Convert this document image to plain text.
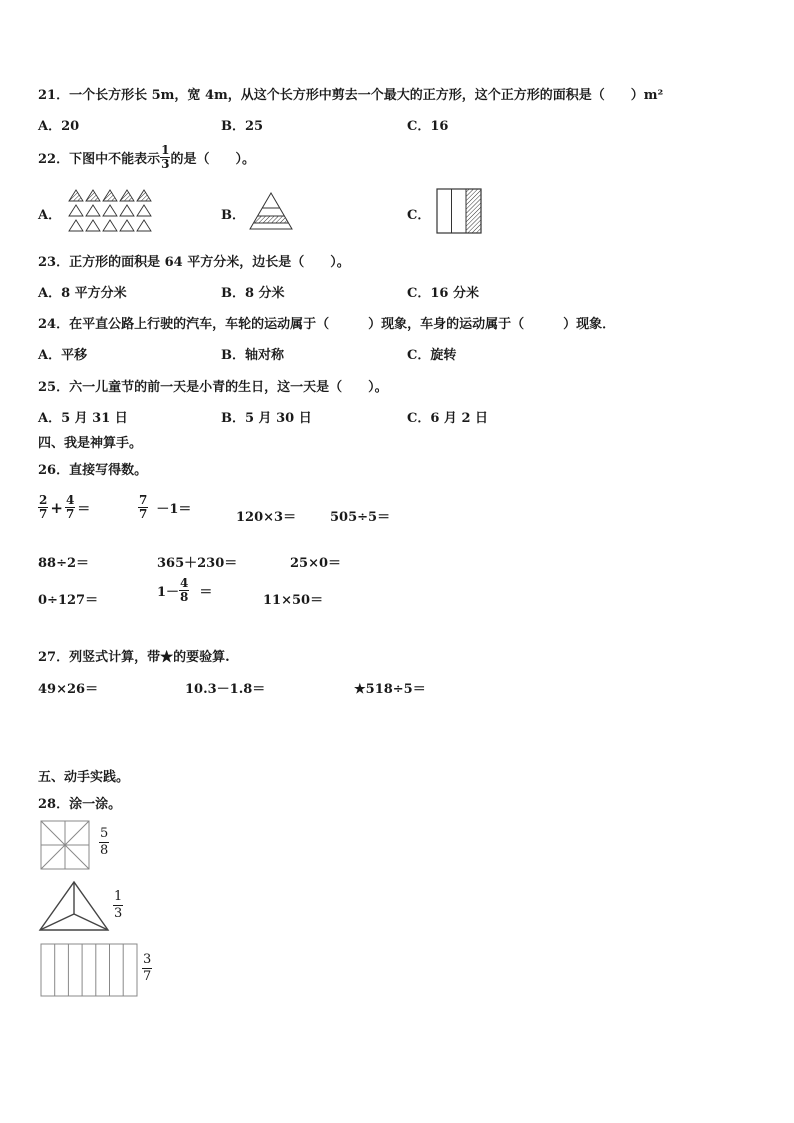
21．一个长方形长 5m，宽 4m，从这个长方形中剪去一个最大的正方形，这个正方形的面积是（　　）m²
A．20	B．25	C．16
22．下图中不能表示 $\frac{1}{3}$ 的是（　　）。
A．	B．	C．
23．正方形的面积是 64 平方分米，边长是（　　）。
A．8 平方分米	B．8 分米	C．16 分米
24．在平直公路上行驶的汽车，车轮的运动属于（　　　）现象，车身的运动属于（　　　）现象．
A．平移	B．轴对称	C．旋转
25．六一儿童节的前一天是小青的生日，这一天是（　　）。
A．5 月 31 日	B．5 月 30 日	C．6 月 2 日
四、我是神算手。
26．直接写得数。
$\frac{2}{7} + \frac{4}{7}$ ＝	$\frac{7}{7} -1=$
120×3＝	505÷5＝
88÷2＝	365＋230＝	25×0＝
0÷127＝
$1- \frac{4}{8}$ ＝
11×50＝
27．列竖式计算，带★的要验算.
49×26＝	10.3－1.8＝	★518÷5＝
五、动手实践。
28．涂一涂。
5
8
1
3
3
7
